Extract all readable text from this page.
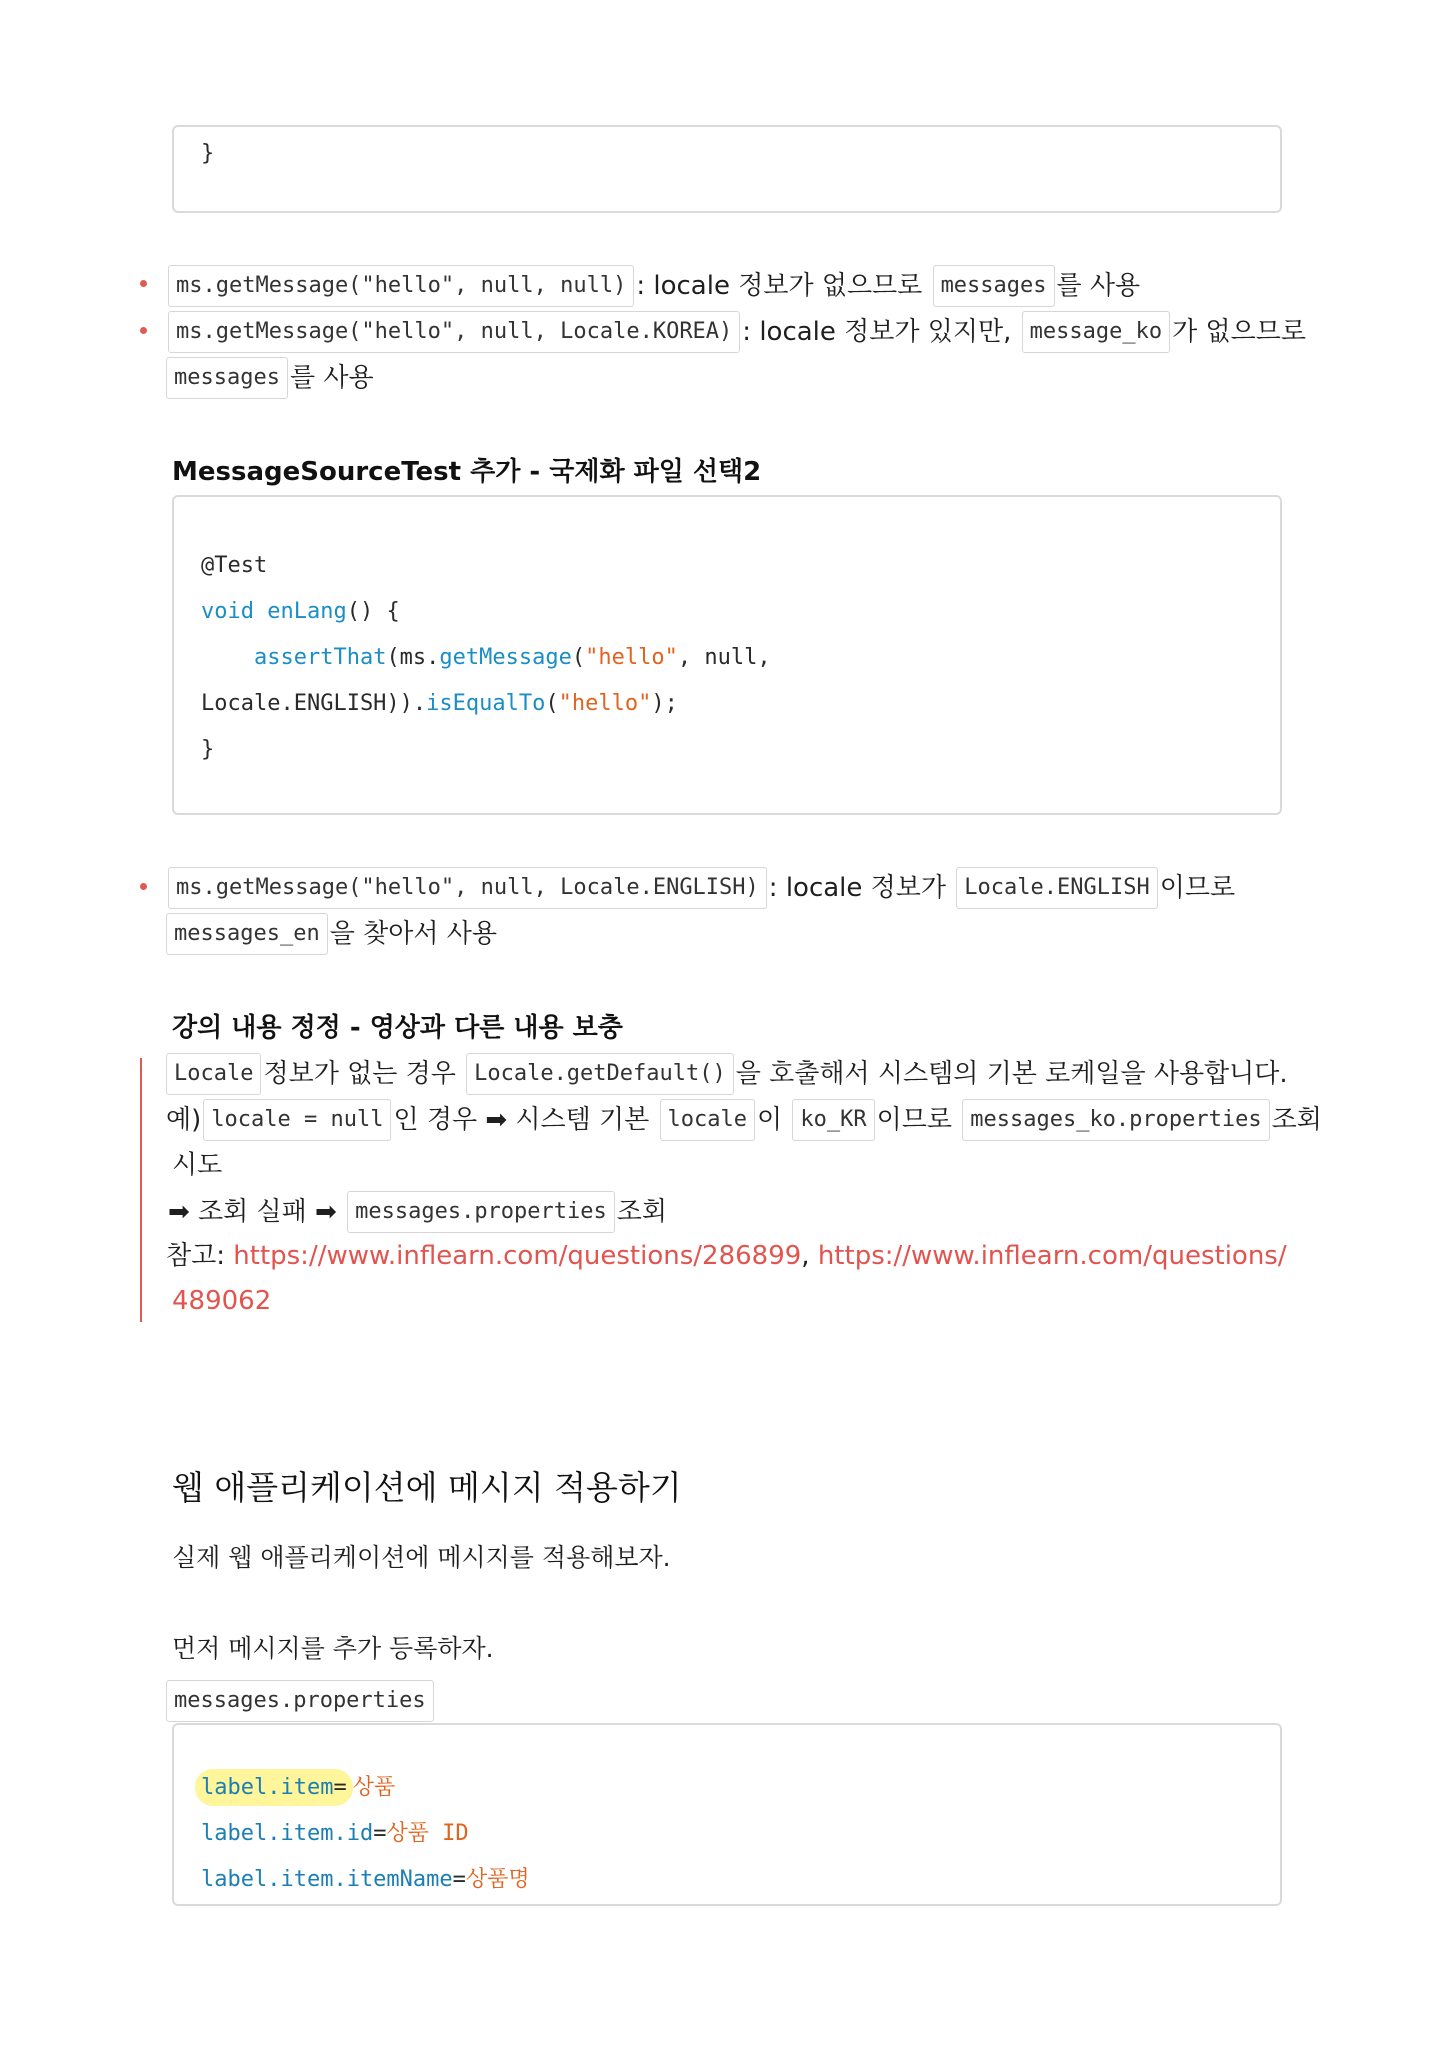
}
ms.getMessage("hello", null, null) : locale 정보가 없으므로 messages 를 사용
ms.getMessage("hello", null, Locale.KOREA) : locale 정보가 있지만, message_ko 가 없으므로
messages 를 사용
MessageSourceTest 추가 - 국제화 파일 선택2
@Test
void enLang() {
assertThat(ms.getMessage("hello", null,
Locale.ENGLISH)).isEqualTo("hello");
}
ms.getMessage("hello", null, Locale.ENGLISH) : locale 정보가 Locale.ENGLISH 이므로
messages_en 을 찾아서 사용
강의 내용 정정 - 영상과 다른 내용 보충
Locale 정보가 없는 경우 Locale.getDefault() 을 호출해서 시스템의 기본 로케일을 사용합니다.
예) locale = null 인 경우 ➡ 시스템 기본 locale 이 ko_KR 이므로 messages_ko.properties 조회
시도
➡ 조회 실패 ➡ messages.properties 조회
참고: https://www.inflearn.com/questions/286899, https://www.inflearn.com/questions/
489062
웹 애플리케이션에 메시지 적용하기
실제 웹 애플리케이션에 메시지를 적용해보자.
먼저 메시지를 추가 등록하자.
messages.properties
label.item= 상품
label.item.id=상품 ID
label.item.itemName=상품명
